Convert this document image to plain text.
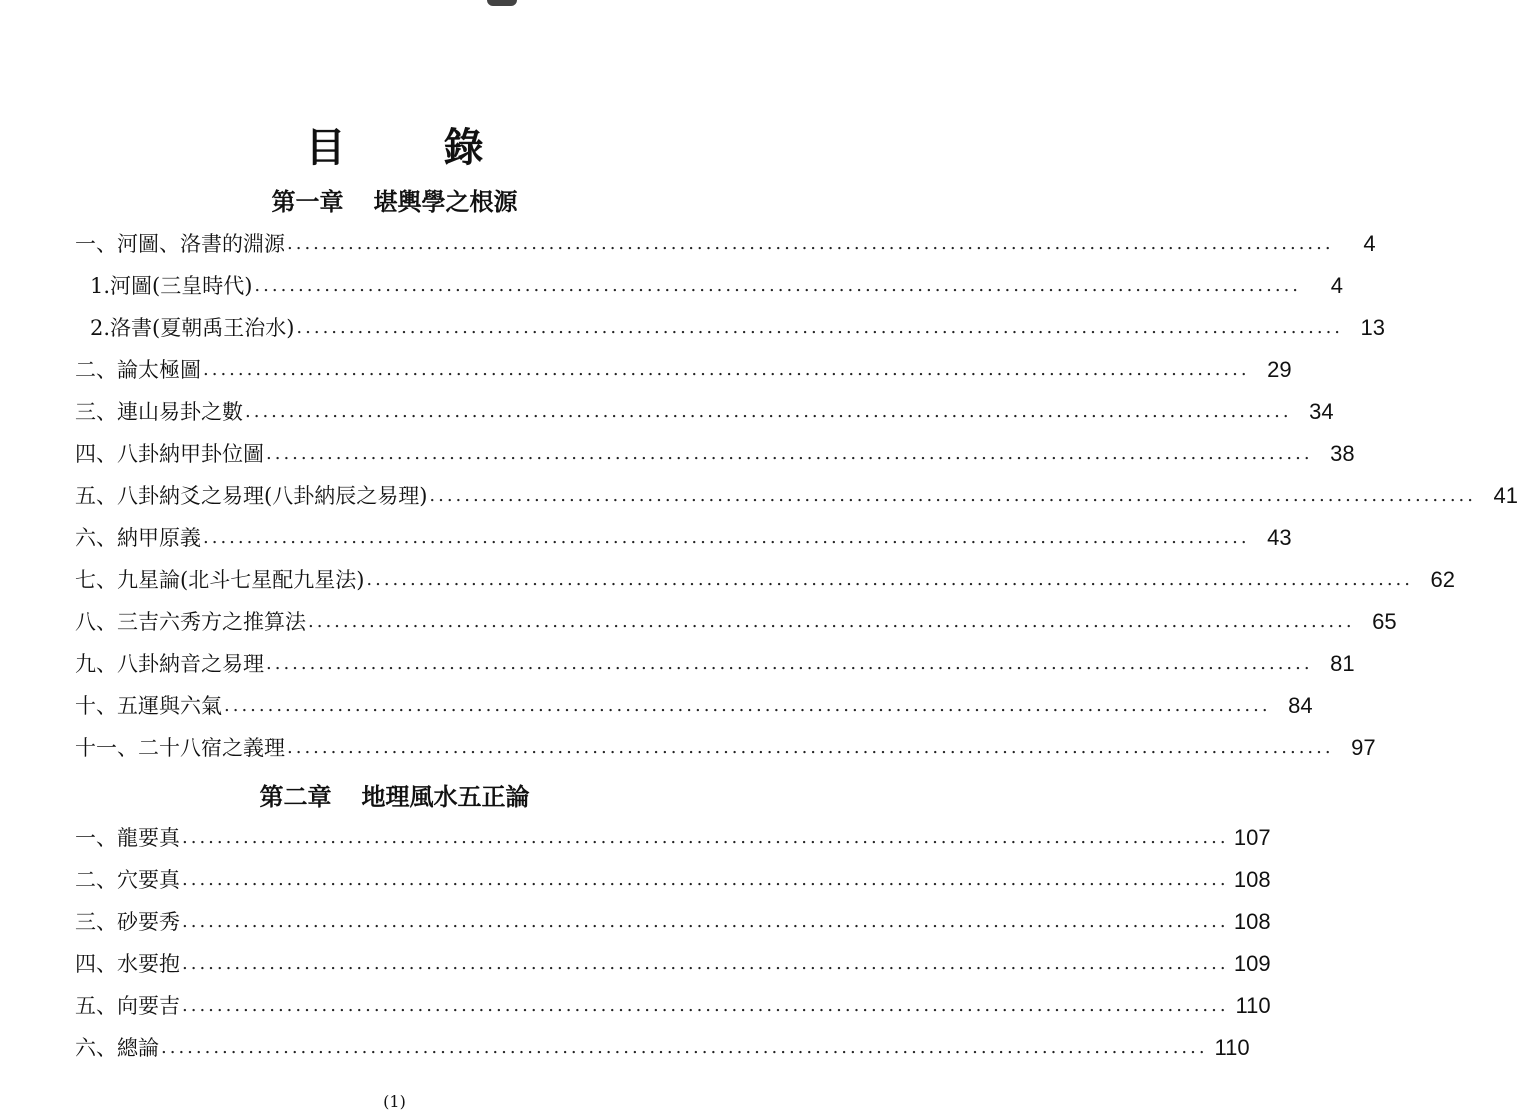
目 錄
第一章 堪輿學之根源
一、河圖、洛書的淵源 ........................................................................................................................	4
1.河圖(三皇時代) ........................................................................................................................	4
2.洛書(夏朝禹王治水) ........................................................................................................................ 13
二、論太極圖 ........................................................................................................................ 29
三、連山易卦之數 ........................................................................................................................ 34
四、八卦納甲卦位圖 ........................................................................................................................ 38
五、八卦納爻之易理(八卦納辰之易理) ........................................................................................................................ 41
六、納甲原義 ........................................................................................................................ 43
七、九星論(北斗七星配九星法) ........................................................................................................................ 62
八、三吉六秀方之推算法 ........................................................................................................................ 65
九、八卦納音之易理 ........................................................................................................................ 81
十、五運與六氣 ........................................................................................................................ 84
十一、二十八宿之義理 ........................................................................................................................ 97
第二章 地理風水五正論
一、龍要真 ........................................................................................................................ 107
二、穴要真 ........................................................................................................................ 108
三、砂要秀 ........................................................................................................................ 108
四、水要抱 ........................................................................................................................ 109
五、向要吉 ........................................................................................................................ 110
六、總論 ........................................................................................................................ 110
(1)
